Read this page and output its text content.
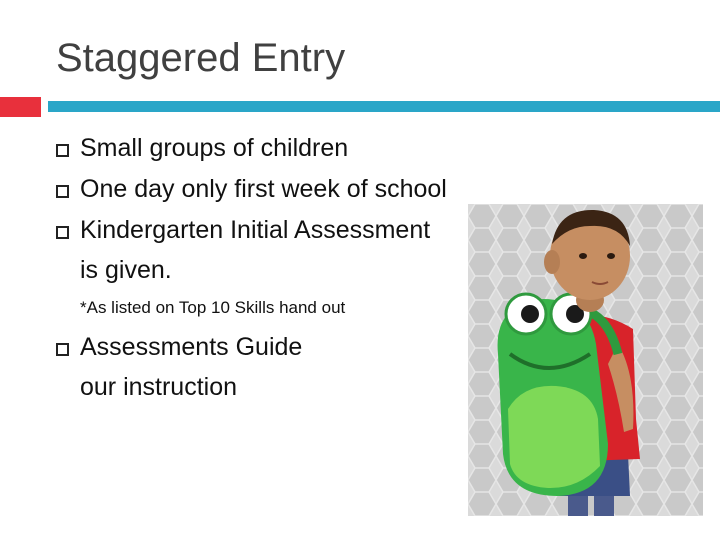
Staggered Entry
Small groups of children
One day only first week of school
Kindergarten Initial Assessment
is given.
*As listed on Top 10 Skills hand out
Assessments Guide
our instruction
